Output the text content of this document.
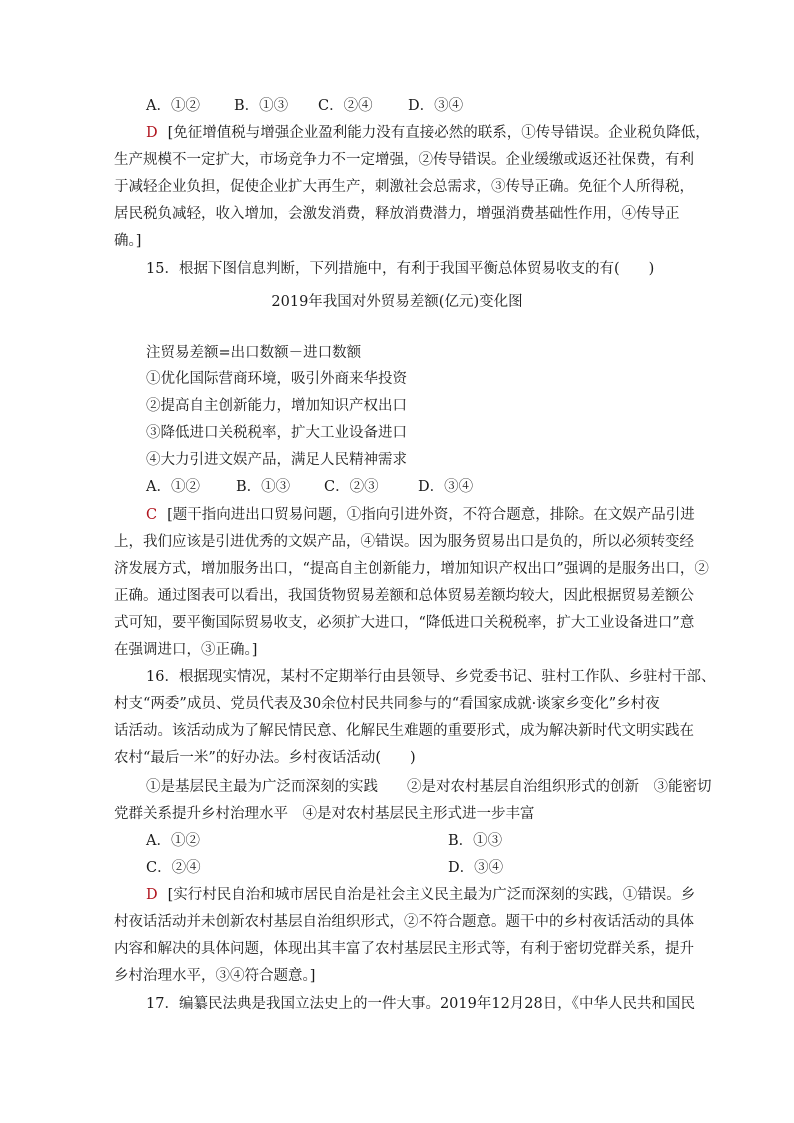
A．①② B．①③ C．②④ D．③④
D [免征增值税与增强企业盈利能力没有直接必然的联系，①传导错误。企业税负降低，
生产规模不一定扩大，市场竞争力不一定增强，②传导错误。企业缓缴或返还社保费，有利
于减轻企业负担，促使企业扩大再生产，刺激社会总需求，③传导正确。免征个人所得税，
居民税负减轻，收入增加，会激发消费，释放消费潜力，增强消费基础性作用，④传导正
确。]
15．根据下图信息判断，下列措施中，有利于我国平衡总体贸易收支的有(　　)
2019年我国对外贸易差额(亿元)变化图
注贸易差额=出口数额－进口数额
①优化国际营商环境，吸引外商来华投资
②提高自主创新能力，增加知识产权出口
③降低进口关税税率，扩大工业设备进口
④大力引进文娱产品，满足人民精神需求
A．①② B．①③ C．②③	D．③④
C [题干指向进出口贸易问题，①指向引进外资，不符合题意，排除。在文娱产品引进
上，我们应该是引进优秀的文娱产品，④错误。因为服务贸易出口是负的，所以必须转变经
济发展方式，增加服务出口，“提高自主创新能力，增加知识产权出口”强调的是服务出口，②
正确。通过图表可以看出，我国货物贸易差额和总体贸易差额均较大，因此根据贸易差额公
式可知，要平衡国际贸易收支，必须扩大进口，“降低进口关税税率，扩大工业设备进口”意
在强调进口，③正确。]
16．根据现实情况，某村不定期举行由县领导、乡党委书记、驻村工作队、乡驻村干部、
村支“两委”成员、党员代表及30余位村民共同参与的“看国家成就·谈家乡变化”乡村夜
话活动。该活动成为了解民情民意、化解民生难题的重要形式，成为解决新时代文明实践在
农村“最后一米”的好办法。乡村夜话活动(　　)
①是基层民主最为广泛而深刻的实践　　②是对农村基层自治组织形式的创新　③能密切
党群关系提升乡村治理水平　④是对农村基层民主形式进一步丰富
A．①②	B．①③
C．②④	D．③④
D [实行村民自治和城市居民自治是社会主义民主最为广泛而深刻的实践，①错误。乡
村夜话活动并未创新农村基层自治组织形式，②不符合题意。题干中的乡村夜话活动的具体
内容和解决的具体问题，体现出其丰富了农村基层民主形式等，有利于密切党群关系，提升
乡村治理水平，③④符合题意。]
17．编纂民法典是我国立法史上的一件大事。2019年12月28日，《中华人民共和国民
